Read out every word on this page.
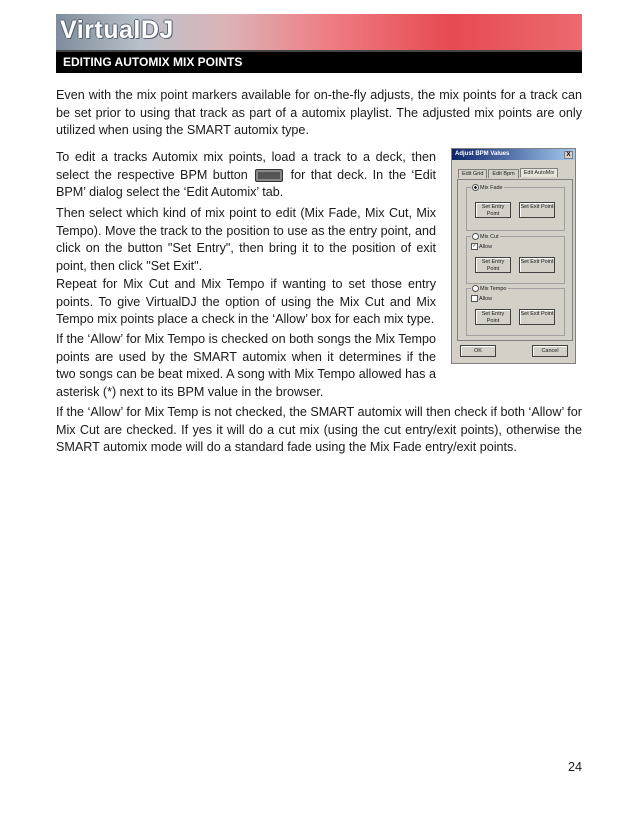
VirtualDJ
EDITING AUTOMIX MIX POINTS

Even with the mix point markers available for on-the-fly adjusts, the mix points for a track can be set prior to using that track as part of a automix playlist. The adjusted mix points are only utilized when using the SMART automix type.

To edit a tracks Automix mix points, load a track to a deck, then select the respective BPM button	for that deck. In the ‘Edit BPM’ dialog select the ‘Edit Automix’ tab.

Then select which kind of mix point to edit (Mix Fade, Mix Cut, Mix Tempo). Move the track to the position to use as the entry point, and click on the button "Set Entry", then bring it to the position of exit point, then click "Set Exit".

Repeat for Mix Cut and Mix Tempo if wanting to set those entry points. To give VirtualDJ the option of using the Mix Cut and Mix Tempo mix points place a check in the ‘Allow’ box for each mix type.

If the ‘Allow’ for Mix Tempo is checked on both songs the Mix Tempo points are used by the SMART automix when it determines if the two songs can be beat mixed. A song with Mix Tempo allowed has a asterisk (*) next to its BPM value in the browser.

If the ‘Allow’ for Mix Temp is not checked, the SMART automix will then check if both ‘Allow’ for Mix Cut are checked. If yes it will do a cut mix (using the cut entry/exit points), otherwise the SMART automix mode will do a standard fade using the Mix Fade entry/exit points.

Adjust BPM Values	X
Edit Grid	Edit Bpm	Edit AutoMix
Mix Fade
Set Entry Point
Set Exit Point
Mix Cut
✓ Allow
Set Entry Point
Set Exit Point
Mix Tempo
Allow
Set Entry Point
Set Exit Point
OK	Cancel
24
